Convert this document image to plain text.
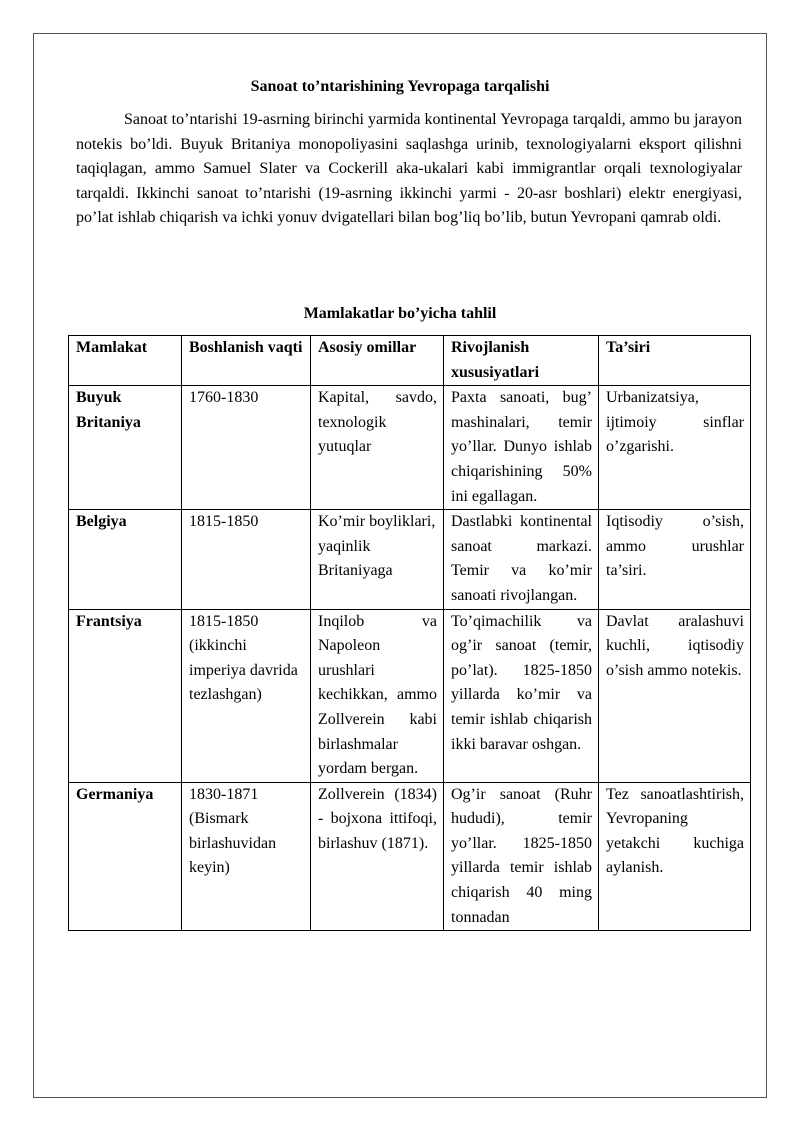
Sanoat to’ntarishining Yevropaga tarqalishi

Sanoat to’ntarishi 19-asrning birinchi yarmida kontinental Yevropaga tarqaldi, ammo bu jarayon notekis bo’ldi. Buyuk Britaniya monopoliyasini saqlashga urinib, texnologiyalarni eksport qilishni taqiqlagan, ammo Samuel Slater va Cockerill aka-ukalari kabi immigrantlar orqali texnologiyalar tarqaldi. Ikkinchi sanoat to’ntarishi (19-asrning ikkinchi yarmi - 20-asr boshlari) elektr energiyasi, po’lat ishlab chiqarish va ichki yonuv dvigatellari bilan bog’liq bo’lib, butun Yevropani qamrab oldi.

Mamlakatlar bo’yicha tahlil
Mamlakat	Boshlanish vaqti	Asosiy omillar	Rivojlanish xususiyatlari	Ta’siri
Buyuk Britaniya	1760-1830	Kapital, savdo, texnologik yutuqlar	Paxta sanoati, bug’ mashinalari, temir yo’llar. Dunyo ishlab chiqarishining 50% ini egallagan.	Urbanizatsiya, ijtimoiy sinflar o’zgarishi.
Belgiya	1815-1850	Ko’mir boyliklari, yaqinlik Britaniyaga	Dastlabki kontinental sanoat markazi. Temir va ko’mir sanoati rivojlangan.	Iqtisodiy o’sish, ammo urushlar ta’siri.
Frantsiya	1815-1850 (ikkinchi imperiya davrida tezlashgan)	Inqilob va Napoleon urushlari kechikkan, ammo Zollverein kabi birlashmalar yordam bergan.	To’qimachilik va og’ir sanoat (temir, po’lat). 1825-1850 yillarda ko’mir va temir ishlab chiqarish ikki baravar oshgan.	Davlat aralashuvi kuchli, iqtisodiy o’sish ammo notekis.
Germaniya	1830-1871 (Bismark birlashuvidan keyin)	Zollverein (1834) - bojxona ittifoqi, birlashuv (1871).	Og’ir sanoat (Ruhr hududi), temir yo’llar. 1825-1850 yillarda temir ishlab chiqarish 40 ming tonnadan	Tez sanoatlashtirish, Yevropaning yetakchi kuchiga aylanish.
